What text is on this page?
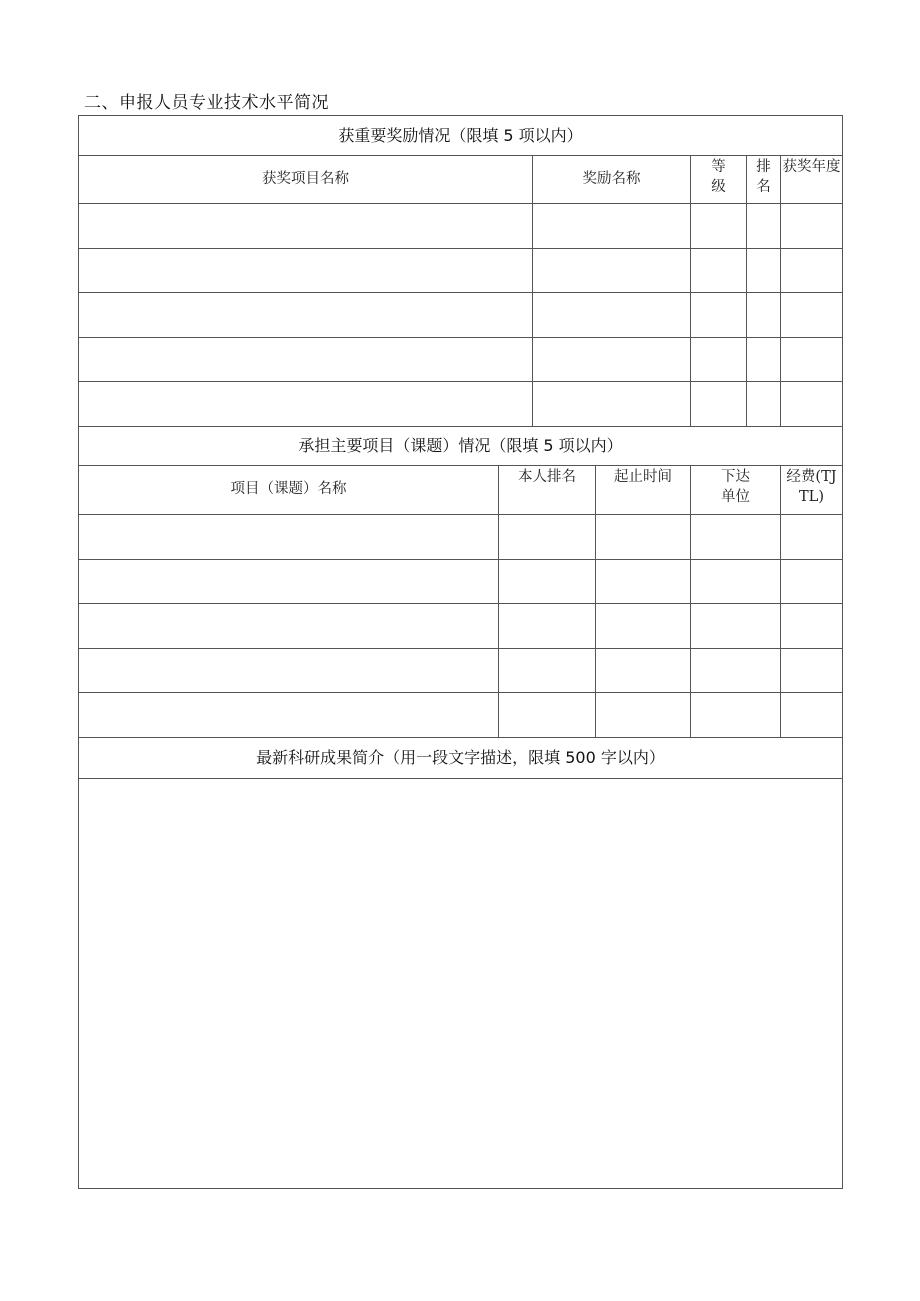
二、申报人员专业技术水平简况

获重要奖励情况（限填 5 项以内）						
获奖项目名称		奖励名称		等级	排名	获奖年度

承担主要项目（课题）情况（限填 5 项以内）						
项目（课题）名称	本人排名		起止时间	下达单位		经费(TJTL)

最新科研成果简介（用一段文字描述，限填 500 字以内）						
